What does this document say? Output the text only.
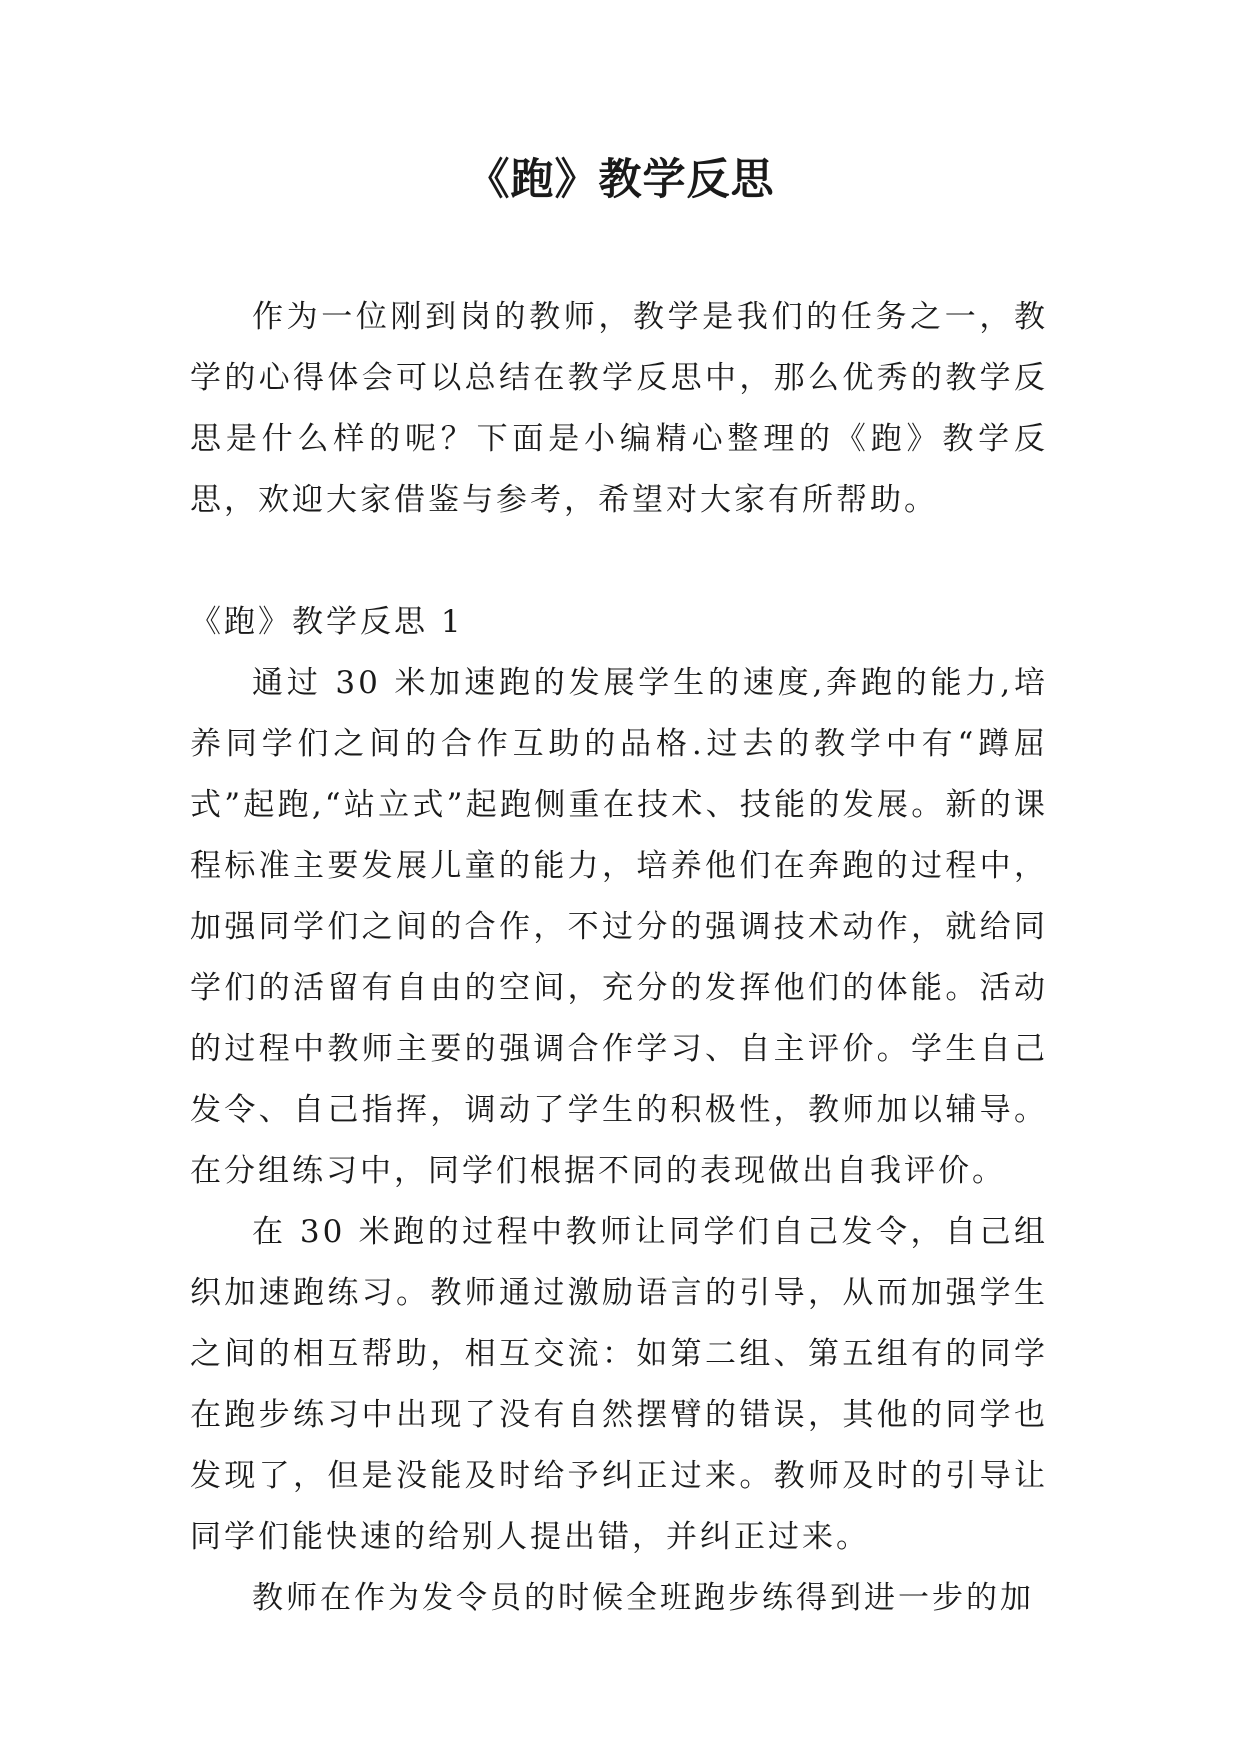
《跑》教学反思

作为一位刚到岗的教师，教学是我们的任务之一，教学的心得体会可以总结在教学反思中，那么优秀的教学反思是什么样的呢？下面是小编精心整理的《跑》教学反思，欢迎大家借鉴与参考，希望对大家有所帮助。

《跑》教学反思 1

通过 30 米加速跑的发展学生的速度,奔跑的能力,培养同学们之间的合作互助的品格.过去的教学中有“蹲屈式”起跑,“站立式”起跑侧重在技术、技能的发展。新的课程标准主要发展儿童的能力，培养他们在奔跑的过程中，加强同学们之间的合作，不过分的强调技术动作，就给同学们的活留有自由的空间，充分的发挥他们的体能。活动的过程中教师主要的强调合作学习、自主评价。学生自己发令、自己指挥，调动了学生的积极性，教师加以辅导。在分组练习中，同学们根据不同的表现做出自我评价。

在 30 米跑的过程中教师让同学们自己发令，自己组织加速跑练习。教师通过激励语言的引导，从而加强学生之间的相互帮助，相互交流：如第二组、第五组有的同学在跑步练习中出现了没有自然摆臂的错误，其他的同学也发现了，但是没能及时给予纠正过来。教师及时的引导让同学们能快速的给别人提出错，并纠正过来。

教师在作为发令员的时候全班跑步练得到进一步的加
